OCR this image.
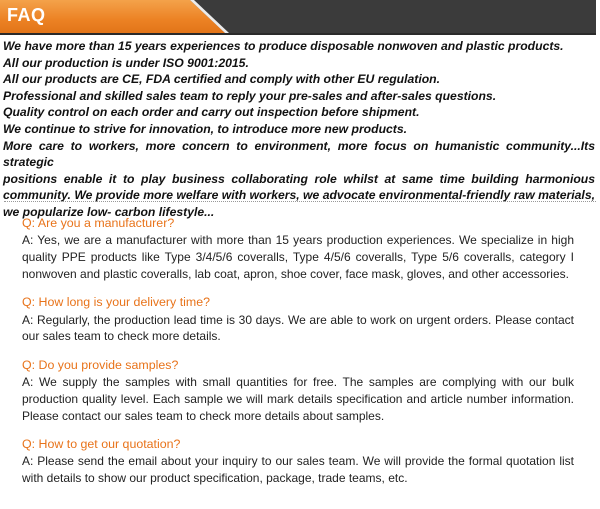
FAQ

We have more than 15 years experiences to produce disposable nonwoven and plastic products.

All our production is under ISO 9001:2015.

All our products are CE, FDA certified and comply with other EU regulation.

Professional and skilled sales team to reply your pre-sales and after-sales questions.

Quality control on each order and carry out inspection before shipment.

We continue to strive for innovation, to introduce more new products.

More care to workers, more concern to environment, more focus on humanistic community...Its strategic

positions enable it to play business collaborating role whilst at same time building harmonious

community. We provide more welfare with workers, we advocate environmental-friendly raw materials,

we popularize low- carbon lifestyle...

Q: Are you a manufacturer?

A: Yes, we are a manufacturer with more than 15 years production experiences. We specialize in high quality PPE products like Type 3/4/5/6 coveralls, Type 4/5/6 coveralls, Type 5/6 coveralls, category I nonwoven and plastic coveralls, lab coat, apron, shoe cover, face mask, gloves, and other accessories.

Q: How long is your delivery time?

A: Regularly, the production lead time is 30 days. We are able to work on urgent orders. Please contact our sales team to check more details.

Q: Do you provide samples?

A: We supply the samples with small quantities for free. The samples are complying with our bulk production quality level. Each sample we will mark details specification and article number information. Please contact our sales team to check more details about samples.

Q: How to get our quotation?

A: Please send the email about your inquiry to our sales team. We will provide the formal quotation list with details to show our product specification, package, trade teams, etc.
